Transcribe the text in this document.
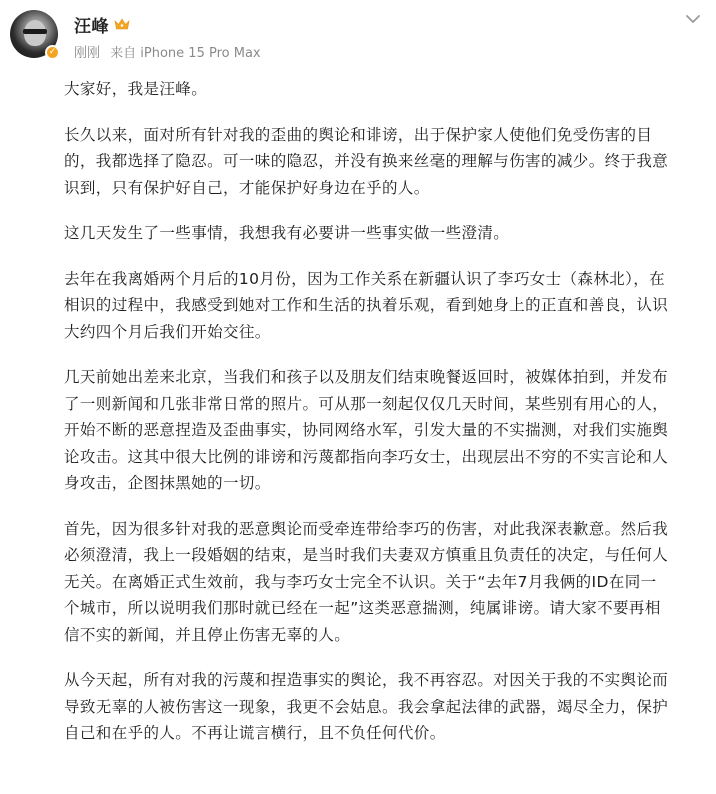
✓
汪峰
刚刚 来自 iPhone 15 Pro Max

大家好，我是汪峰。

长久以来，面对所有针对我的歪曲的舆论和诽谤，出于保护家人使他们免受伤害的目的，我都选择了隐忍。可一味的隐忍，并没有换来丝毫的理解与伤害的减少。终于我意识到，只有保护好自己，才能保护好身边在乎的人。

这几天发生了一些事情，我想我有必要讲一些事实做一些澄清。

去年在我离婚两个月后的10月份，因为工作关系在新疆认识了李巧女士（森林北），在相识的过程中，我感受到她对工作和生活的执着乐观，看到她身上的正直和善良，认识大约四个月后我们开始交往。

几天前她出差来北京，当我们和孩子以及朋友们结束晚餐返回时，被媒体拍到，并发布了一则新闻和几张非常日常的照片。可从那一刻起仅仅几天时间，某些别有用心的人，开始不断的恶意捏造及歪曲事实，协同网络水军，引发大量的不实揣测，对我们实施舆论攻击。这其中很大比例的诽谤和污蔑都指向李巧女士，出现层出不穷的不实言论和人身攻击，企图抹黑她的一切。

首先，因为很多针对我的恶意舆论而受牵连带给李巧的伤害，对此我深表歉意。然后我必须澄清，我上一段婚姻的结束，是当时我们夫妻双方慎重且负责任的决定，与任何人无关。在离婚正式生效前，我与李巧女士完全不认识。关于“去年7月我俩的ID在同一个城市，所以说明我们那时就已经在一起”这类恶意揣测，纯属诽谤。请大家不要再相信不实的新闻，并且停止伤害无辜的人。

从今天起，所有对我的污蔑和捏造事实的舆论，我不再容忍。对因关于我的不实舆论而导致无辜的人被伤害这一现象，我更不会姑息。我会拿起法律的武器，竭尽全力，保护自己和在乎的人。不再让谎言横行，且不负任何代价。
